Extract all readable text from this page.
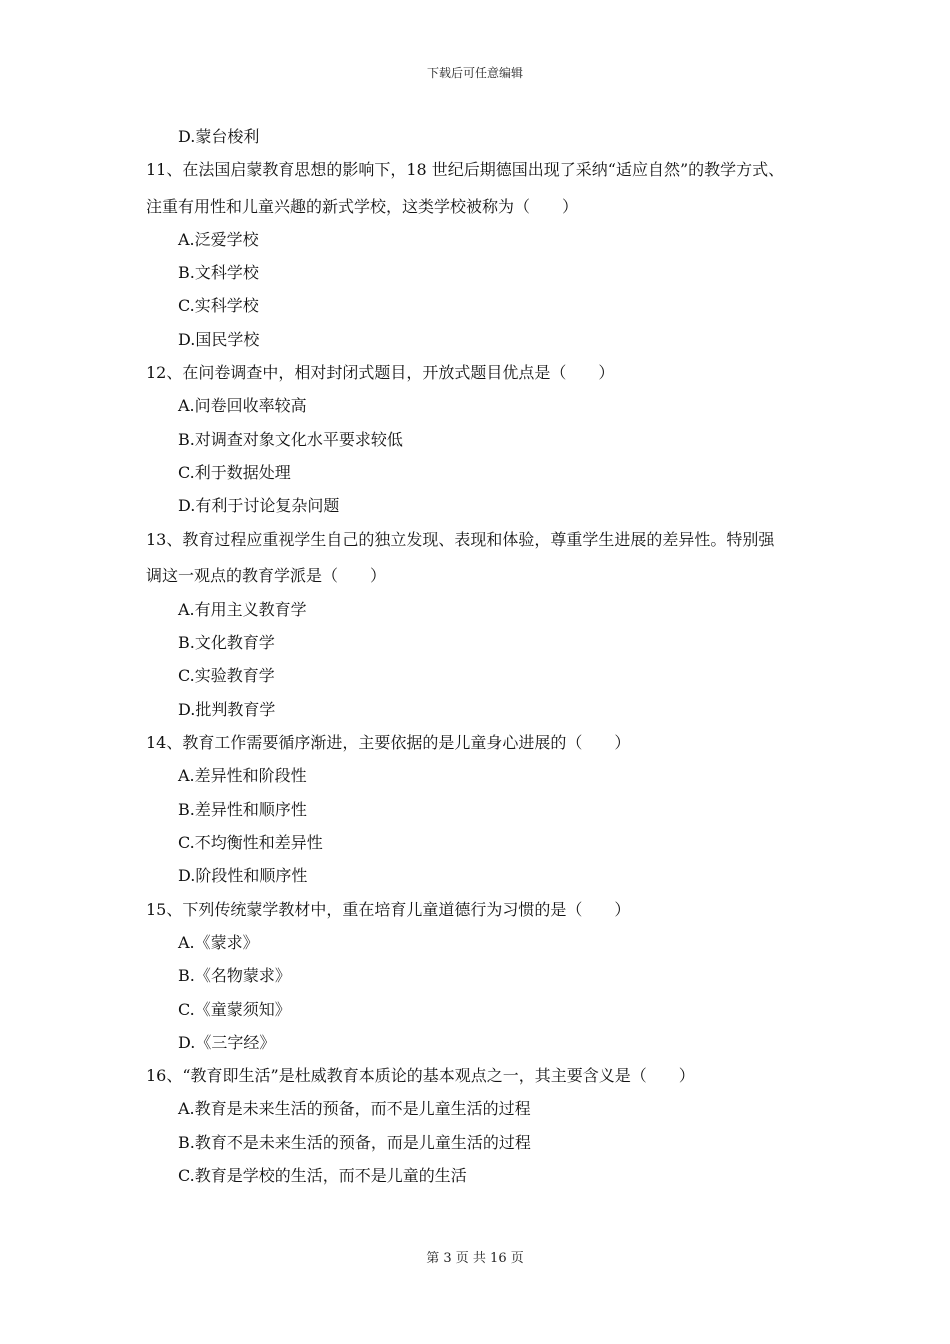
下载后可任意编辑
D.蒙台梭利
11、在法国启蒙教育思想的影响下，18 世纪后期德国出现了采纳“适应自然”的教学方式、
注重有用性和儿童兴趣的新式学校，这类学校被称为（　　）
A.泛爱学校
B.文科学校
C.实科学校
D.国民学校
12、在问卷调查中，相对封闭式题目，开放式题目优点是（　　）
A.问卷回收率较高
B.对调查对象文化水平要求较低
C.利于数据处理
D.有利于讨论复杂问题
13、教育过程应重视学生自己的独立发现、表现和体验，尊重学生进展的差异性。特别强
调这一观点的教育学派是（　　）
A.有用主义教育学
B.文化教育学
C.实验教育学
D.批判教育学
14、教育工作需要循序渐进，主要依据的是儿童身心进展的（　　）
A.差异性和阶段性
B.差异性和顺序性
C.不均衡性和差异性
D.阶段性和顺序性
15、下列传统蒙学教材中，重在培育儿童道德行为习惯的是（　　）
A.《蒙求》
B.《名物蒙求》
C.《童蒙须知》
D.《三字经》
16、“教育即生活”是杜威教育本质论的基本观点之一，其主要含义是（　　）
A.教育是未来生活的预备，而不是儿童生活的过程
B.教育不是未来生活的预备，而是儿童生活的过程
C.教育是学校的生活，而不是儿童的生活
第 3 页 共 16 页
